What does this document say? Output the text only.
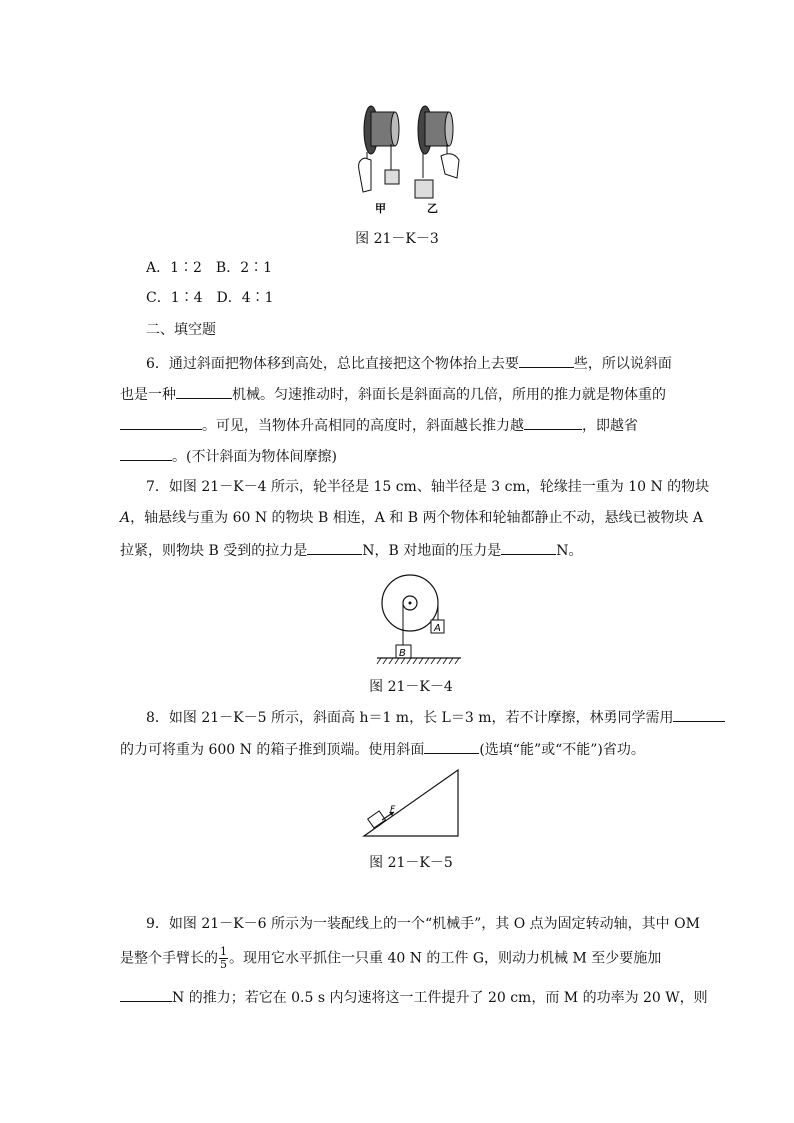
甲	乙
图 21－K－3
A．1∶2　B．2∶1
C．1∶4　D．4∶1
二、填空题
6．通过斜面把物体移到高处，总比直接把这个物体抬上去要	些，所以说斜面
也是一种	机械。匀速推动时，斜面长是斜面高的几倍，所用的推力就是物体重的
。可见，当物体升高相同的高度时，斜面越长推力越	，即越省
。(不计斜面为物体间摩擦)
7．如图 21－K－4 所示，轮半径是 15 cm、轴半径是 3 cm，轮缘挂一重为 10 N 的物块
A，轴悬线与重为 60 N 的物块 B 相连，A 和 B 两个物体和轮轴都静止不动，悬线已被物块 A
拉紧，则物块 B 受到的拉力是	N，B 对地面的压力是	N。
A
B
图 21－K－4
8．如图 21－K－5 所示，斜面高 h＝1 m，长 L＝3 m，若不计摩擦，林勇同学需用
的力可将重为 600 N 的箱子推到顶端。使用斜面	(选填“能”或“不能”)省功。
F
图 21－K－5
9．如图 21－K－6 所示为一装配线上的一个“机械手”，其 O 点为固定转动轴，其中 OM
是整个手臂长的 $\frac{1}{5}$ 。现用它水平抓住一只重 40 N 的工件 G，则动力机械 M 至少要施加
N 的推力；若它在 0.5 s 内匀速将这一工件提升了 20 cm，而 M 的功率为 20 W，则
